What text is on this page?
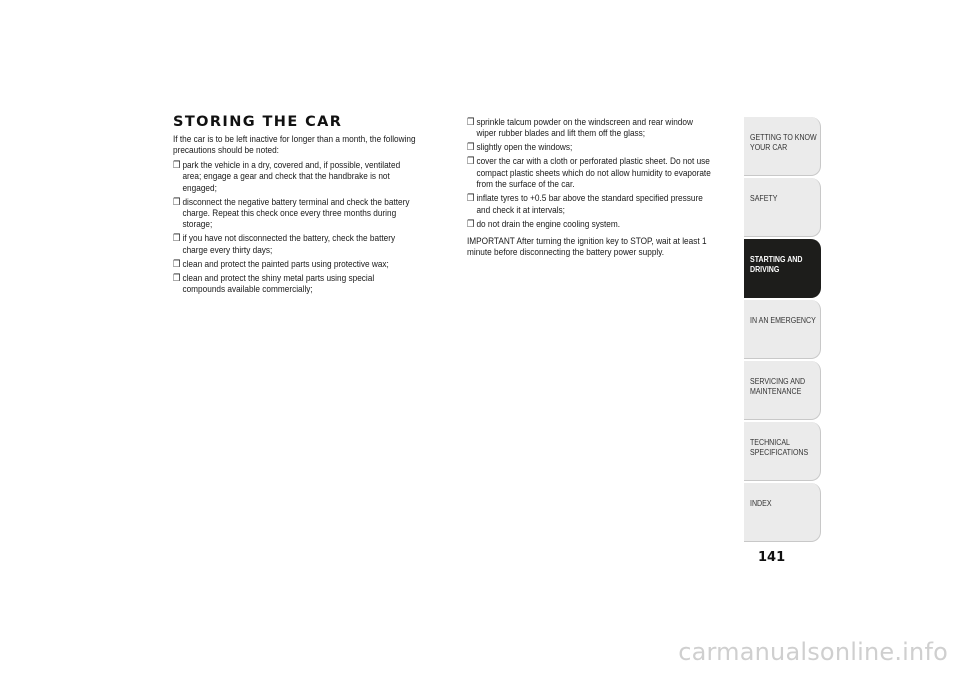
STORING THE CAR

If the car is to be left inactive for longer than a month, the following precautions should be noted:

❒ park the vehicle in a dry, covered and, if possible, ventilated area; engage a gear and check that the handbrake is not engaged;
❒ disconnect the negative battery terminal and check the battery charge. Repeat this check once every three months during storage;
❒ if you have not disconnected the battery, check the battery charge every thirty days;
❒ clean and protect the painted parts using protective wax;
❒ clean and protect the shiny metal parts using special compounds available commercially;
❒ sprinkle talcum powder on the windscreen and rear window wiper rubber blades and lift them off the glass;
❒ slightly open the windows;
❒ cover the car with a cloth or perforated plastic sheet. Do not use compact plastic sheets which do not allow humidity to evaporate from the surface of the car.
❒ inflate tyres to +0.5 bar above the standard specified pressure and check it at intervals;
❒ do not drain the engine cooling system.

IMPORTANT After turning the ignition key to STOP, wait at least 1 minute before disconnecting the battery power supply.

GETTING TO KNOW
YOUR CAR
SAFETY
STARTING AND
DRIVING
IN AN EMERGENCY
SERVICING AND
MAINTENANCE
TECHNICAL
SPECIFICATIONS
INDEX
141
carmanualsonline.info
